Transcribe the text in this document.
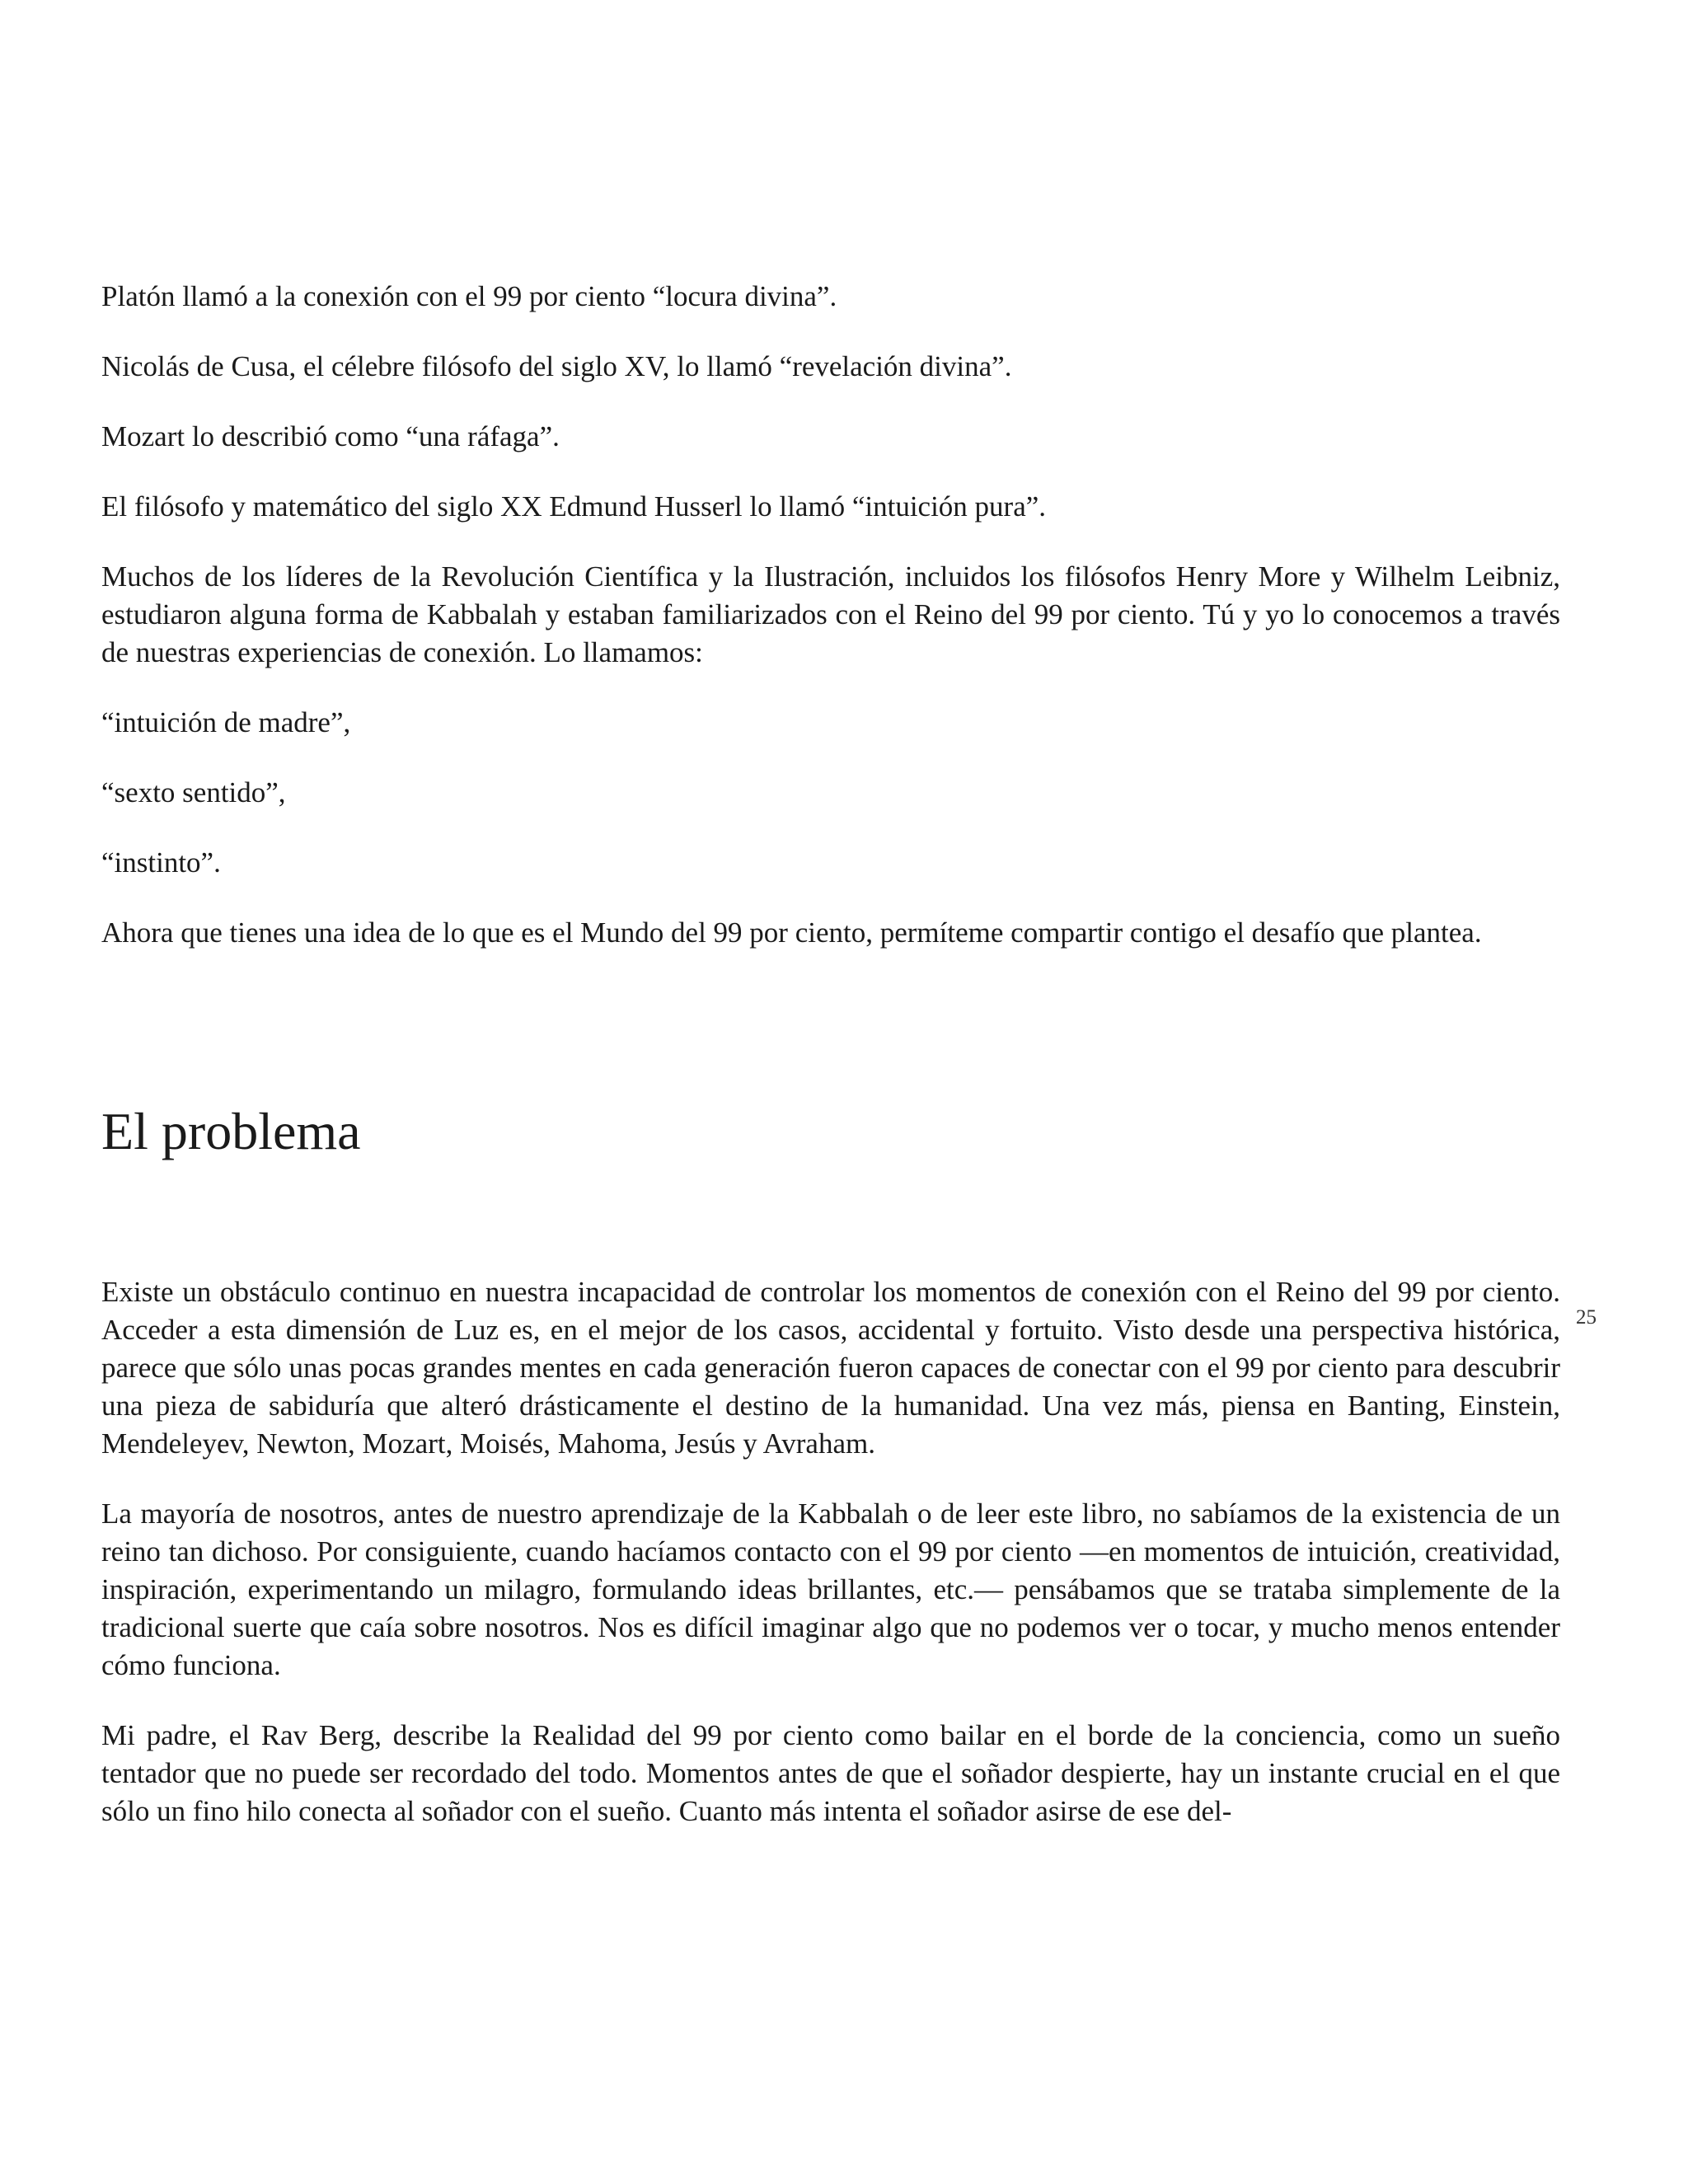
Platón llamó a la conexión con el 99 por ciento “locura divina”.

Nicolás de Cusa, el célebre filósofo del siglo XV, lo llamó “revelación divina”.

Mozart lo describió como “una ráfaga”.

El filósofo y matemático del siglo XX Edmund Husserl lo llamó “intuición pura”.

Muchos de los líderes de la Revolución Científica y la Ilustración, incluidos los filósofos Henry More y Wilhelm Leibniz, estudiaron alguna forma de Kabbalah y estaban familiarizados con el Reino del 99 por ciento. Tú y yo lo conocemos a través de nuestras experiencias de conexión. Lo llamamos:

“intuición de madre”,

“sexto sentido”,

“instinto”.

Ahora que tienes una idea de lo que es el Mundo del 99 por ciento, permíteme compartir contigo el desafío que plantea.

El problema

Existe un obstáculo continuo en nuestra incapacidad de controlar los momentos de conexión con el Reino del 99 por ciento. Acceder a esta dimensión de Luz es, en el mejor de los casos, accidental y fortuito. Visto desde una perspectiva histórica, parece que sólo unas pocas grandes mentes en cada generación fueron capaces de conectar con el 99 por ciento para descubrir una pieza de sabiduría que alteró drásticamente el destino de la humanidad. Una vez más, piensa en Banting, Einstein, Mendeleyev, Newton, Mozart, Moisés, Mahoma, Jesús y Avraham.

La mayoría de nosotros, antes de nuestro aprendizaje de la Kabbalah o de leer este libro, no sabíamos de la existencia de un reino tan dichoso. Por consiguiente, cuando hacíamos contacto con el 99 por ciento —en momentos de intuición, creatividad, inspiración, experimentando un milagro, formulando ideas brillantes, etc.— pensábamos que se trataba simplemente de la tradicional suerte que caía sobre nosotros. Nos es difícil imaginar algo que no podemos ver o tocar, y mucho menos entender cómo funciona.

Mi padre, el Rav Berg, describe la Realidad del 99 por ciento como bailar en el borde de la conciencia, como un sueño tentador que no puede ser recordado del todo. Momentos antes de que el soñador despierte, hay un instante crucial en el que sólo un fino hilo conecta al soñador con el sueño. Cuanto más intenta el soñador asirse de ese del-

25
